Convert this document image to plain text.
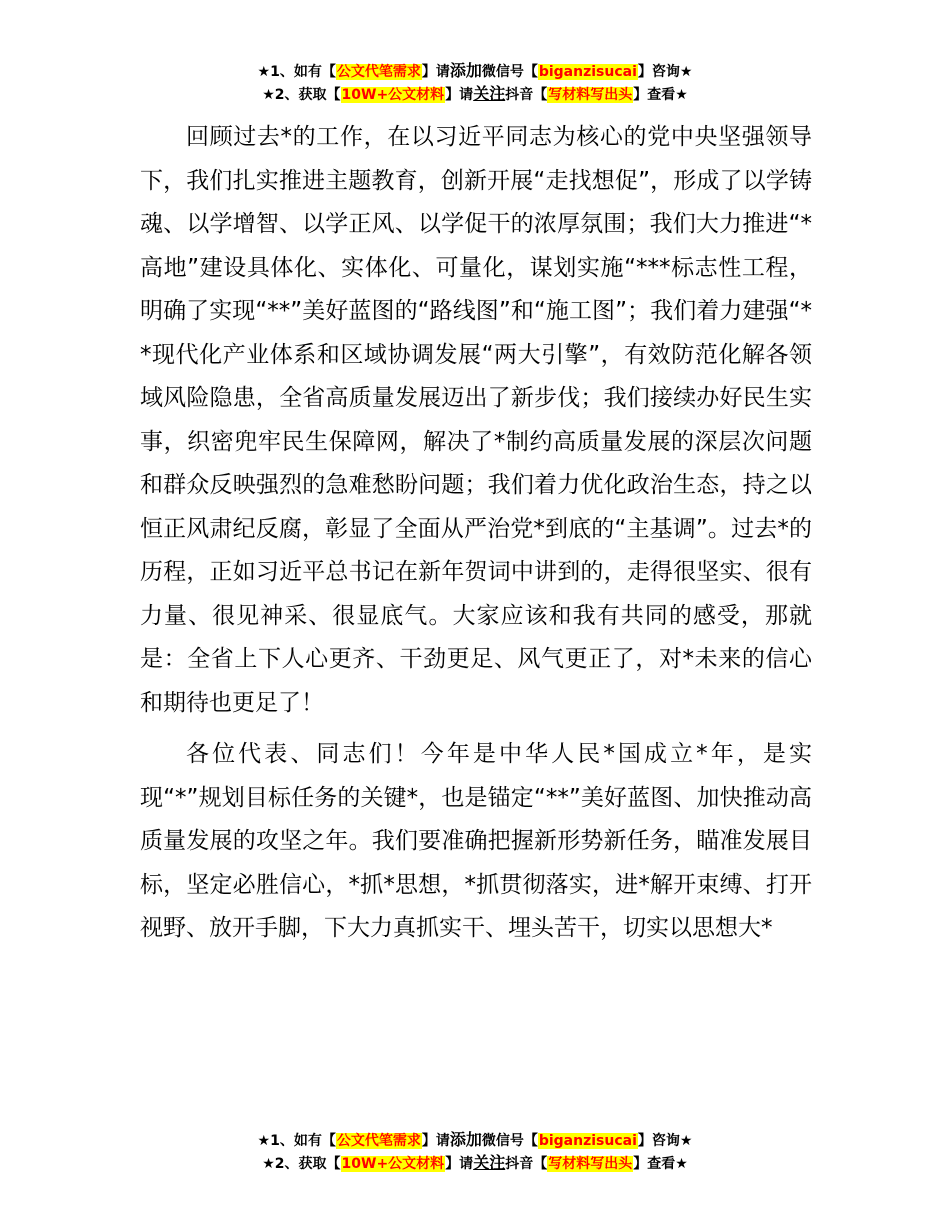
★1、如有【公文代笔需求】请添加微信号【biganzisucai】咨询★
★2、获取【10W+公文材料】请关注抖音【写材料写出头】查看★

回顾过去*的工作，在以习近平同志为核心的党中央坚强领导下，我们扎实推进主题教育，创新开展“走找想促”，形成了以学铸魂、以学增智、以学正风、以学促干的浓厚氛围；我们大力推进“*高地”建设具体化、实体化、可量化，谋划实施“***标志性工程，明确了实现“**”美好蓝图的“路线图”和“施工图”；我们着力建强“**现代化产业体系和区域协调发展“两大引擎”，有效防范化解各领域风险隐患，全省高质量发展迈出了新步伐；我们接续办好民生实事，织密兜牢民生保障网，解决了*制约高质量发展的深层次问题和群众反映强烈的急难愁盼问题；我们着力优化政治生态，持之以恒正风肃纪反腐，彰显了全面从严治党*到底的“主基调”。过去*的历程，正如习近平总书记在新年贺词中讲到的，走得很坚实、很有力量、很见神采、很显底气。大家应该和我有共同的感受，那就是：全省上下人心更齐、干劲更足、风气更正了，对*未来的信心和期待也更足了！

各位代表、同志们！今年是中华人民*国成立*年，是实现“*”规划目标任务的关键*，也是锚定“**”美好蓝图、加快推动高质量发展的攻坚之年。我们要准确把握新形势新任务，瞄准发展目标，坚定必胜信心，*抓*思想，*抓贯彻落实，进*解开束缚、打开视野、放开手脚，下大力真抓实干、埋头苦干，切实以思想大*

★1、如有【公文代笔需求】请添加微信号【biganzisucai】咨询★
★2、获取【10W+公文材料】请关注抖音【写材料写出头】查看★
